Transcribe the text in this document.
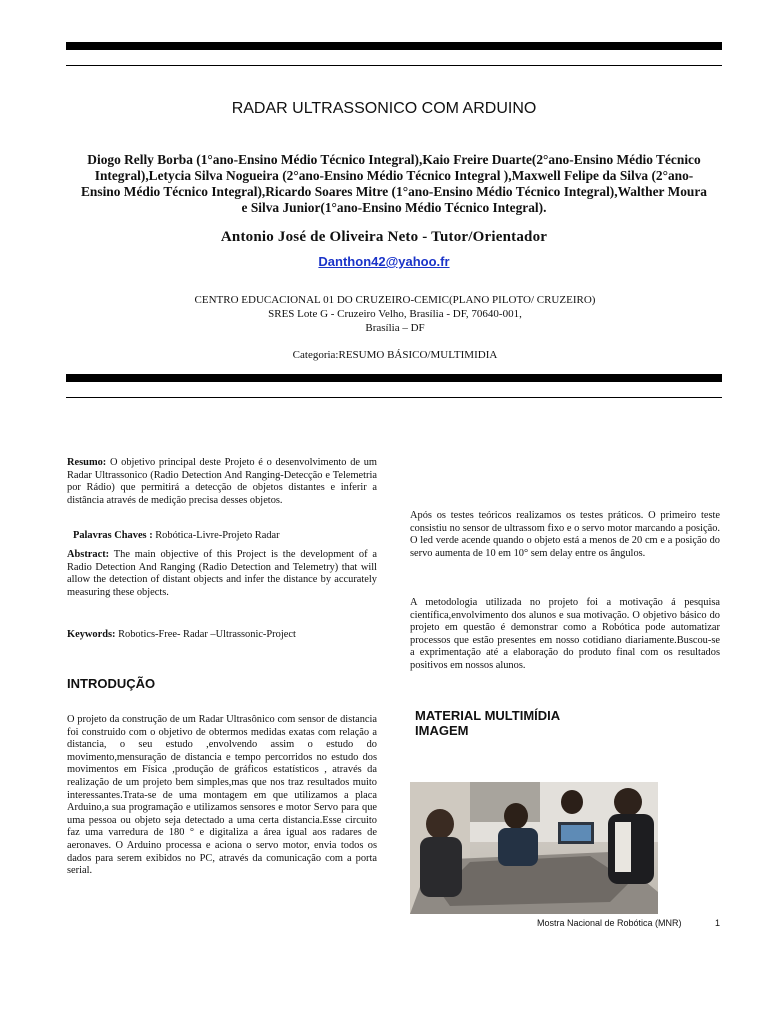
RADAR ULTRASSONICO COM ARDUINO
Diogo Relly Borba (1°ano-Ensino Médio Técnico Integral),Kaio Freire Duarte(2°ano-Ensino Médio Técnico Integral),Letycia Silva Nogueira (2°ano-Ensino Médio Técnico Integral ),Maxwell Felipe da Silva (2°ano-Ensino Médio Técnico Integral),Ricardo Soares Mitre (1°ano-Ensino Médio Técnico Integral),Walther Moura e Silva Junior(1°ano-Ensino Médio Técnico Integral).
Antonio José de Oliveira Neto - Tutor/Orientador
Danthon42@yahoo.fr
CENTRO EDUCACIONAL 01 DO CRUZEIRO-CEMIC(PLANO PILOTO/ CRUZEIRO)
SRES Lote G - Cruzeiro Velho, Brasília - DF, 70640-001,
Brasília – DF
Categoria:RESUMO BÁSICO/MULTIMIDIA
Resumo: O objetivo principal deste Projeto é o desenvolvimento de um Radar Ultrassonico (Radio Detection And Ranging-Detecção e Telemetria por Rádio) que permitirá a detecção de objetos distantes e inferir a distância através de medição precisa desses objetos.
Palavras Chaves : Robótica-Livre-Projeto Radar
Abstract: The main objective of this Project is the development of a Radio Detection And Ranging (Radio Detection and Telemetry) that will allow the detection of distant objects and infer the distance by accurately measuring these objects.
Keywords: Robotics-Free- Radar –Ultrassonic-Project
INTRODUÇÃO
O projeto da construção de um Radar Ultrasônico com sensor de distancia foi construido com o objetivo de obtermos medidas exatas com relação a distancia, o seu estudo ,envolvendo assim o estudo do movimento,mensuração de distancia e tempo percorridos no estudo dos movimentos em Física ,produção de gráficos estatísticos , através da realização de um projeto bem simples,mas que nos traz resultados muito interessantes.Trata-se de uma montagem em que utilizamos a placa Arduino,a sua programação e utilizamos sensores e motor Servo para que uma pessoa ou objeto seja detectado a uma certa distancia.Esse circuito faz uma varredura de 180 ° e digitaliza a área igual aos radares de aeronaves. O Arduino processa e aciona o servo motor, envia todos os dados para serem exibidos no PC, através da comunicação com a porta serial.
Após os testes teóricos realizamos os testes práticos. O primeiro teste consistiu no sensor de ultrassom fixo e o servo motor marcando a posição. O led verde acende quando o objeto está a menos de 20 cm e a posição do servo aumenta de 10 em 10° sem delay entre os ângulos.
A metodologia utilizada no projeto foi a motivação á pesquisa científica,envolvimento dos alunos e sua motivação. O objetivo básico do projeto em questão é demonstrar como a Robótica pode automatizar processos que estão presentes em nosso cotidiano diariamente.Buscou-se a exprimentação até a elaboração do produto final com os resultados positivos em nossos alunos.
MATERIAL MULTIMÍDIA
IMAGEM
Mostra Nacional de Robótica (MNR)	1
